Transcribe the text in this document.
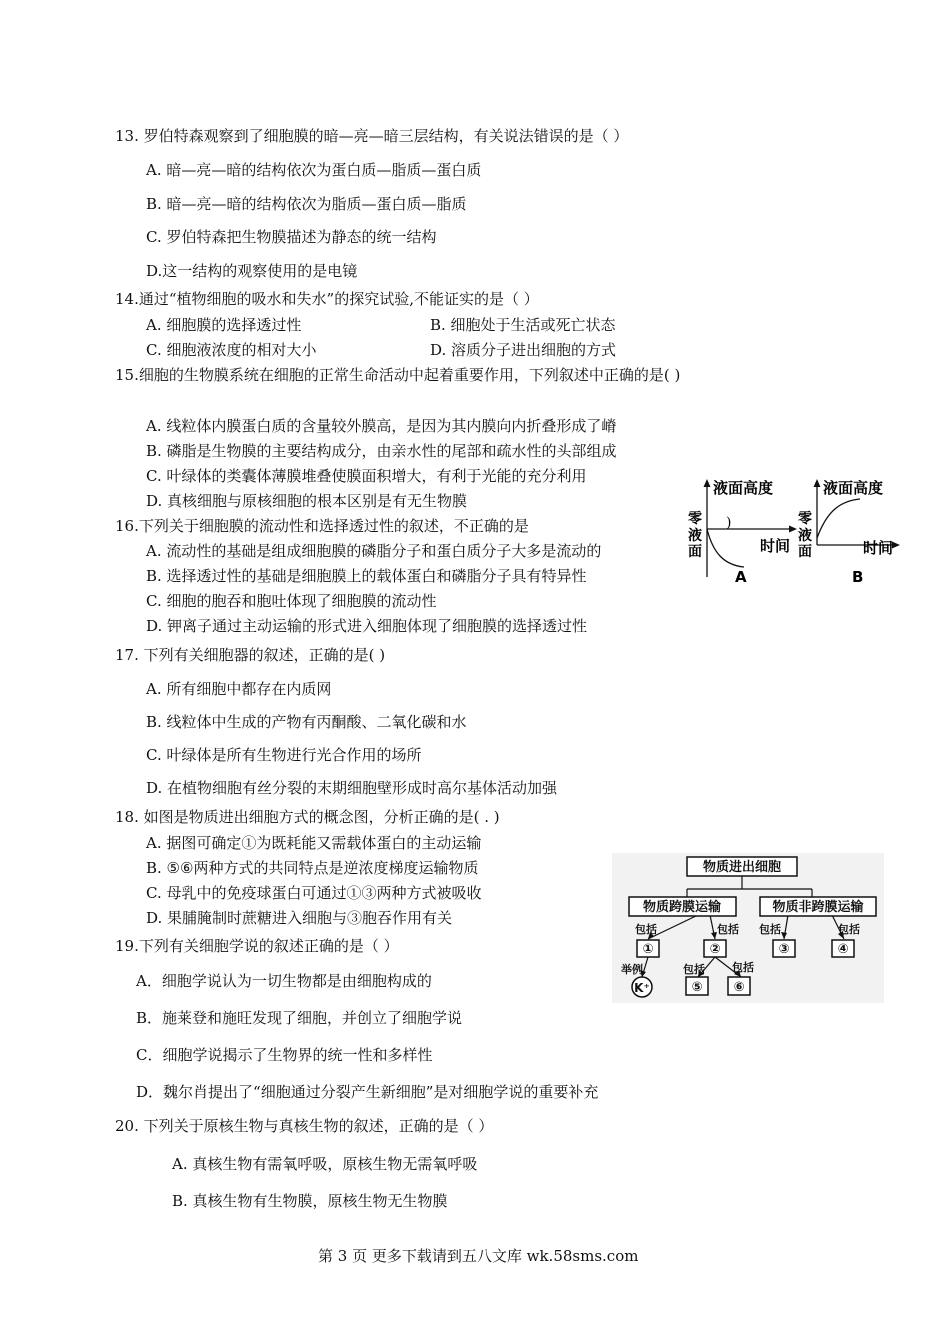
13. 罗伯特森观察到了细胞膜的暗—亮—暗三层结构，有关说法错误的是（ ）
A. 暗—亮—暗的结构依次为蛋白质—脂质—蛋白质
B. 暗—亮—暗的结构依次为脂质—蛋白质—脂质
C. 罗伯特森把生物膜描述为静态的统一结构
D.这一结构的观察使用的是电镜
14.通过“植物细胞的吸水和失水”的探究试验,不能证实的是（ ）
A. 细胞膜的选择透过性	B. 细胞处于生活或死亡状态
C. 细胞液浓度的相对大小	D. 溶质分子进出细胞的方式
15.细胞的生物膜系统在细胞的正常生命活动中起着重要作用，下列叙述中正确的是( )
A. 线粒体内膜蛋白质的含量较外膜高，是因为其内膜向内折叠形成了嵴
B. 磷脂是生物膜的主要结构成分，由亲水性的尾部和疏水性的头部组成
C. 叶绿体的类囊体薄膜堆叠使膜面积增大，有利于光能的充分利用
D. 真核细胞与原核细胞的根本区别是有无生物膜
16.下列关于细胞膜的流动性和选择透过性的叙述，不正确的是
A. 流动性的基础是组成细胞膜的磷脂分子和蛋白质分子大多是流动的
B. 选择透过性的基础是细胞膜上的载体蛋白和磷脂分子具有特异性
C. 细胞的胞吞和胞吐体现了细胞膜的流动性
D. 钾离子通过主动运输的形式进入细胞体现了细胞膜的选择透过性
17. 下列有关细胞器的叙述，正确的是( )
A. 所有细胞中都存在内质网
B. 线粒体中生成的产物有丙酮酸、二氧化碳和水
C. 叶绿体是所有生物进行光合作用的场所
D. 在植物细胞有丝分裂的末期细胞壁形成时高尔基体活动加强
18. 如图是物质进出细胞方式的概念图，分析正确的是( . )
A. 据图可确定①为既耗能又需载体蛋白的主动运输
B. ⑤⑥两种方式的共同特点是逆浓度梯度运输物质
C. 母乳中的免疫球蛋白可通过①③两种方式被吸收
D. 果脯腌制时蔗糖进入细胞与③胞吞作用有关
19.下列有关细胞学说的叙述正确的是（ ）
A．细胞学说认为一切生物都是由细胞构成的
B．施莱登和施旺发现了细胞，并创立了细胞学说
C．细胞学说揭示了生物界的统一性和多样性
D．魏尔肖提出了“细胞通过分裂产生新细胞”是对细胞学说的重要补充
20. 下列关于原核生物与真核生物的叙述，正确的是（ ）
A. 真核生物有需氧呼吸，原核生物无需氧呼吸
B. 真核生物有生物膜，原核生物无生物膜
液面高度
零
液
面
)
时间
A
液面高度
零
液
面	时间
B
物质进出细胞
物质跨膜运输	物质非跨膜运输
包括	包括 包括	包括
包括 包括
举例
①	②	③	④
⑤ ⑥
K⁺
第 3 页 更多下载请到五八文库 wk.58sms.com
